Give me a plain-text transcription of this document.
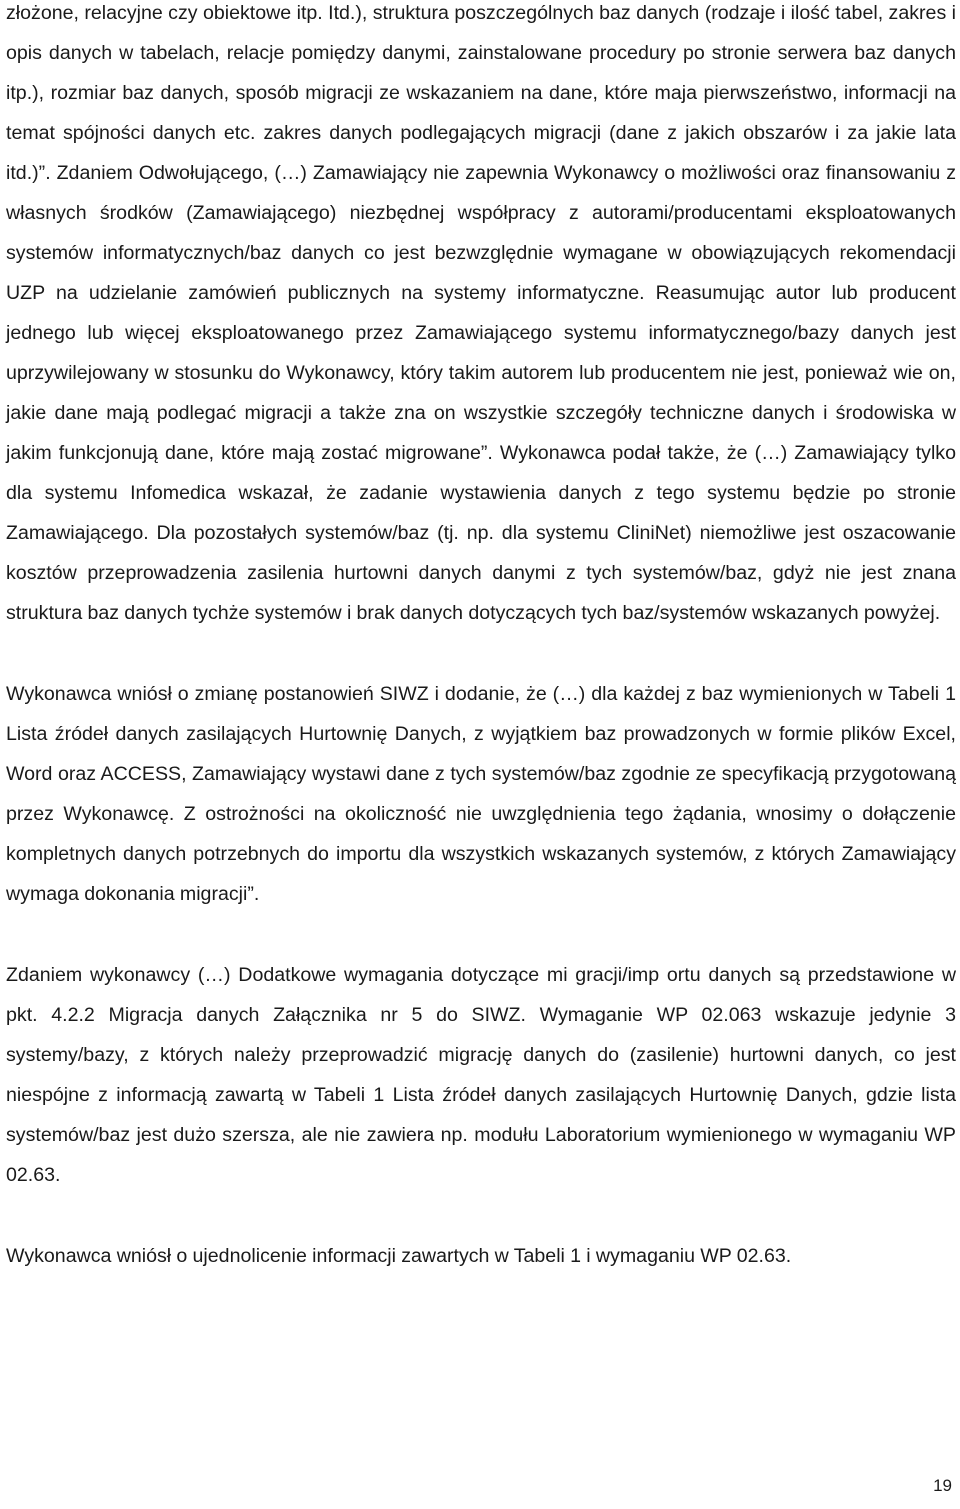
złożone, relacyjne czy obiektowe itp. Itd.), struktura poszczególnych baz danych (rodzaje i ilość tabel, zakres i opis danych w tabelach, relacje pomiędzy danymi, zainstalowane procedury po stronie serwera baz danych itp.), rozmiar baz danych, sposób migracji ze wskazaniem na dane, które maja pierwszeństwo, informacji na temat spójności danych etc. zakres danych podlegających migracji (dane z jakich obszarów i za jakie lata itd.)”. Zdaniem Odwołującego, (…) Zamawiający nie zapewnia Wykonawcy o możliwości oraz finansowaniu z własnych środków (Zamawiającego) niezbędnej współpracy z autorami/producentami eksploatowanych systemów informatycznych/baz danych co jest bezwzględnie wymagane w obowiązujących rekomendacji UZP na udzielanie zamówień publicznych na systemy informatyczne. Reasumując autor lub producent jednego lub więcej eksploatowanego przez Zamawiającego systemu informatycznego/bazy danych jest uprzywilejowany w stosunku do Wykonawcy, który takim autorem lub producentem nie jest, ponieważ wie on, jakie dane mają podlegać migracji a także zna on wszystkie szczegóły techniczne danych i środowiska w jakim funkcjonują dane, które mają zostać migrowane”. Wykonawca podał także, że (…) Zamawiający tylko dla systemu Infomedica wskazał, że zadanie wystawienia danych z tego systemu będzie po stronie Zamawiającego. Dla pozostałych systemów/baz (tj. np. dla systemu CliniNet) niemożliwe jest oszacowanie kosztów przeprowadzenia zasilenia hurtowni danych danymi z tych systemów/baz, gdyż nie jest znana struktura baz danych tychże systemów i brak danych dotyczących tych baz/systemów wskazanych powyżej.

Wykonawca wniósł o zmianę postanowień SIWZ i dodanie, że (…) dla każdej z baz wymienionych w Tabeli 1 Lista źródeł danych zasilających Hurtownię Danych, z wyjątkiem baz prowadzonych w formie plików Excel, Word oraz ACCESS, Zamawiający wystawi dane z tych systemów/baz zgodnie ze specyfikacją przygotowaną przez Wykonawcę. Z ostrożności na okoliczność nie uwzględnienia tego żądania, wnosimy o dołączenie kompletnych danych potrzebnych do importu dla wszystkich wskazanych systemów, z których Zamawiający wymaga dokonania migracji”.

Zdaniem wykonawcy (…) Dodatkowe wymagania dotyczące mi gracji/imp ortu danych są przedstawione w pkt. 4.2.2 Migracja danych Załącznika nr 5 do SIWZ. Wymaganie WP 02.063 wskazuje jedynie 3 systemy/bazy, z których należy przeprowadzić migrację danych do (zasilenie) hurtowni danych, co jest niespójne z informacją zawartą w Tabeli 1 Lista źródeł danych zasilających Hurtownię Danych, gdzie lista systemów/baz jest dużo szersza, ale nie zawiera np. modułu Laboratorium wymienionego w wymaganiu WP 02.63.

Wykonawca wniósł o ujednolicenie informacji zawartych w Tabeli 1 i wymaganiu WP 02.63.

19
